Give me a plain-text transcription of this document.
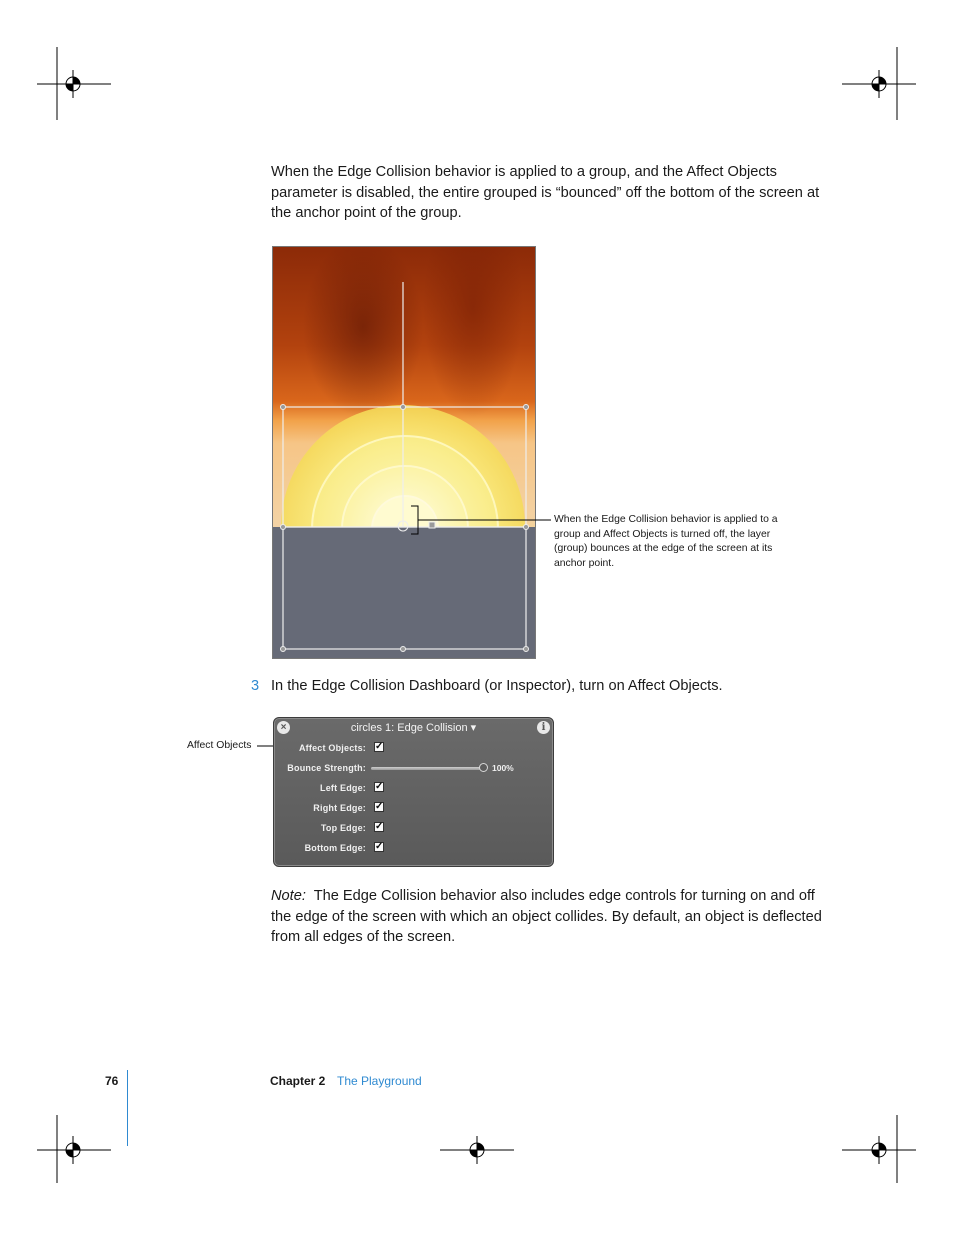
When the Edge Collision behavior is applied to a group, and the Affect Objects parameter is disabled, the entire grouped is “bounced” off the bottom of the screen at the anchor point of the group.

When the Edge Collision behavior is applied to a group and Affect Objects is turned off, the layer (group) bounces at the edge of the screen at its anchor point.

3 In the Edge Collision Dashboard (or Inspector), turn on Affect Objects.
Affect Objects
×	circles 1: Edge Collision ▾	i
Affect Objects: ✓
Bounce Strength:	100%
Left Edge: ✓
Right Edge: ✓
Top Edge: ✓
Bottom Edge: ✓

Note: The Edge Collision behavior also includes edge controls for turning on and off the edge of the screen with which an object collides. By default, an object is deflected from all edges of the screen.

76	Chapter 2 The Playground
